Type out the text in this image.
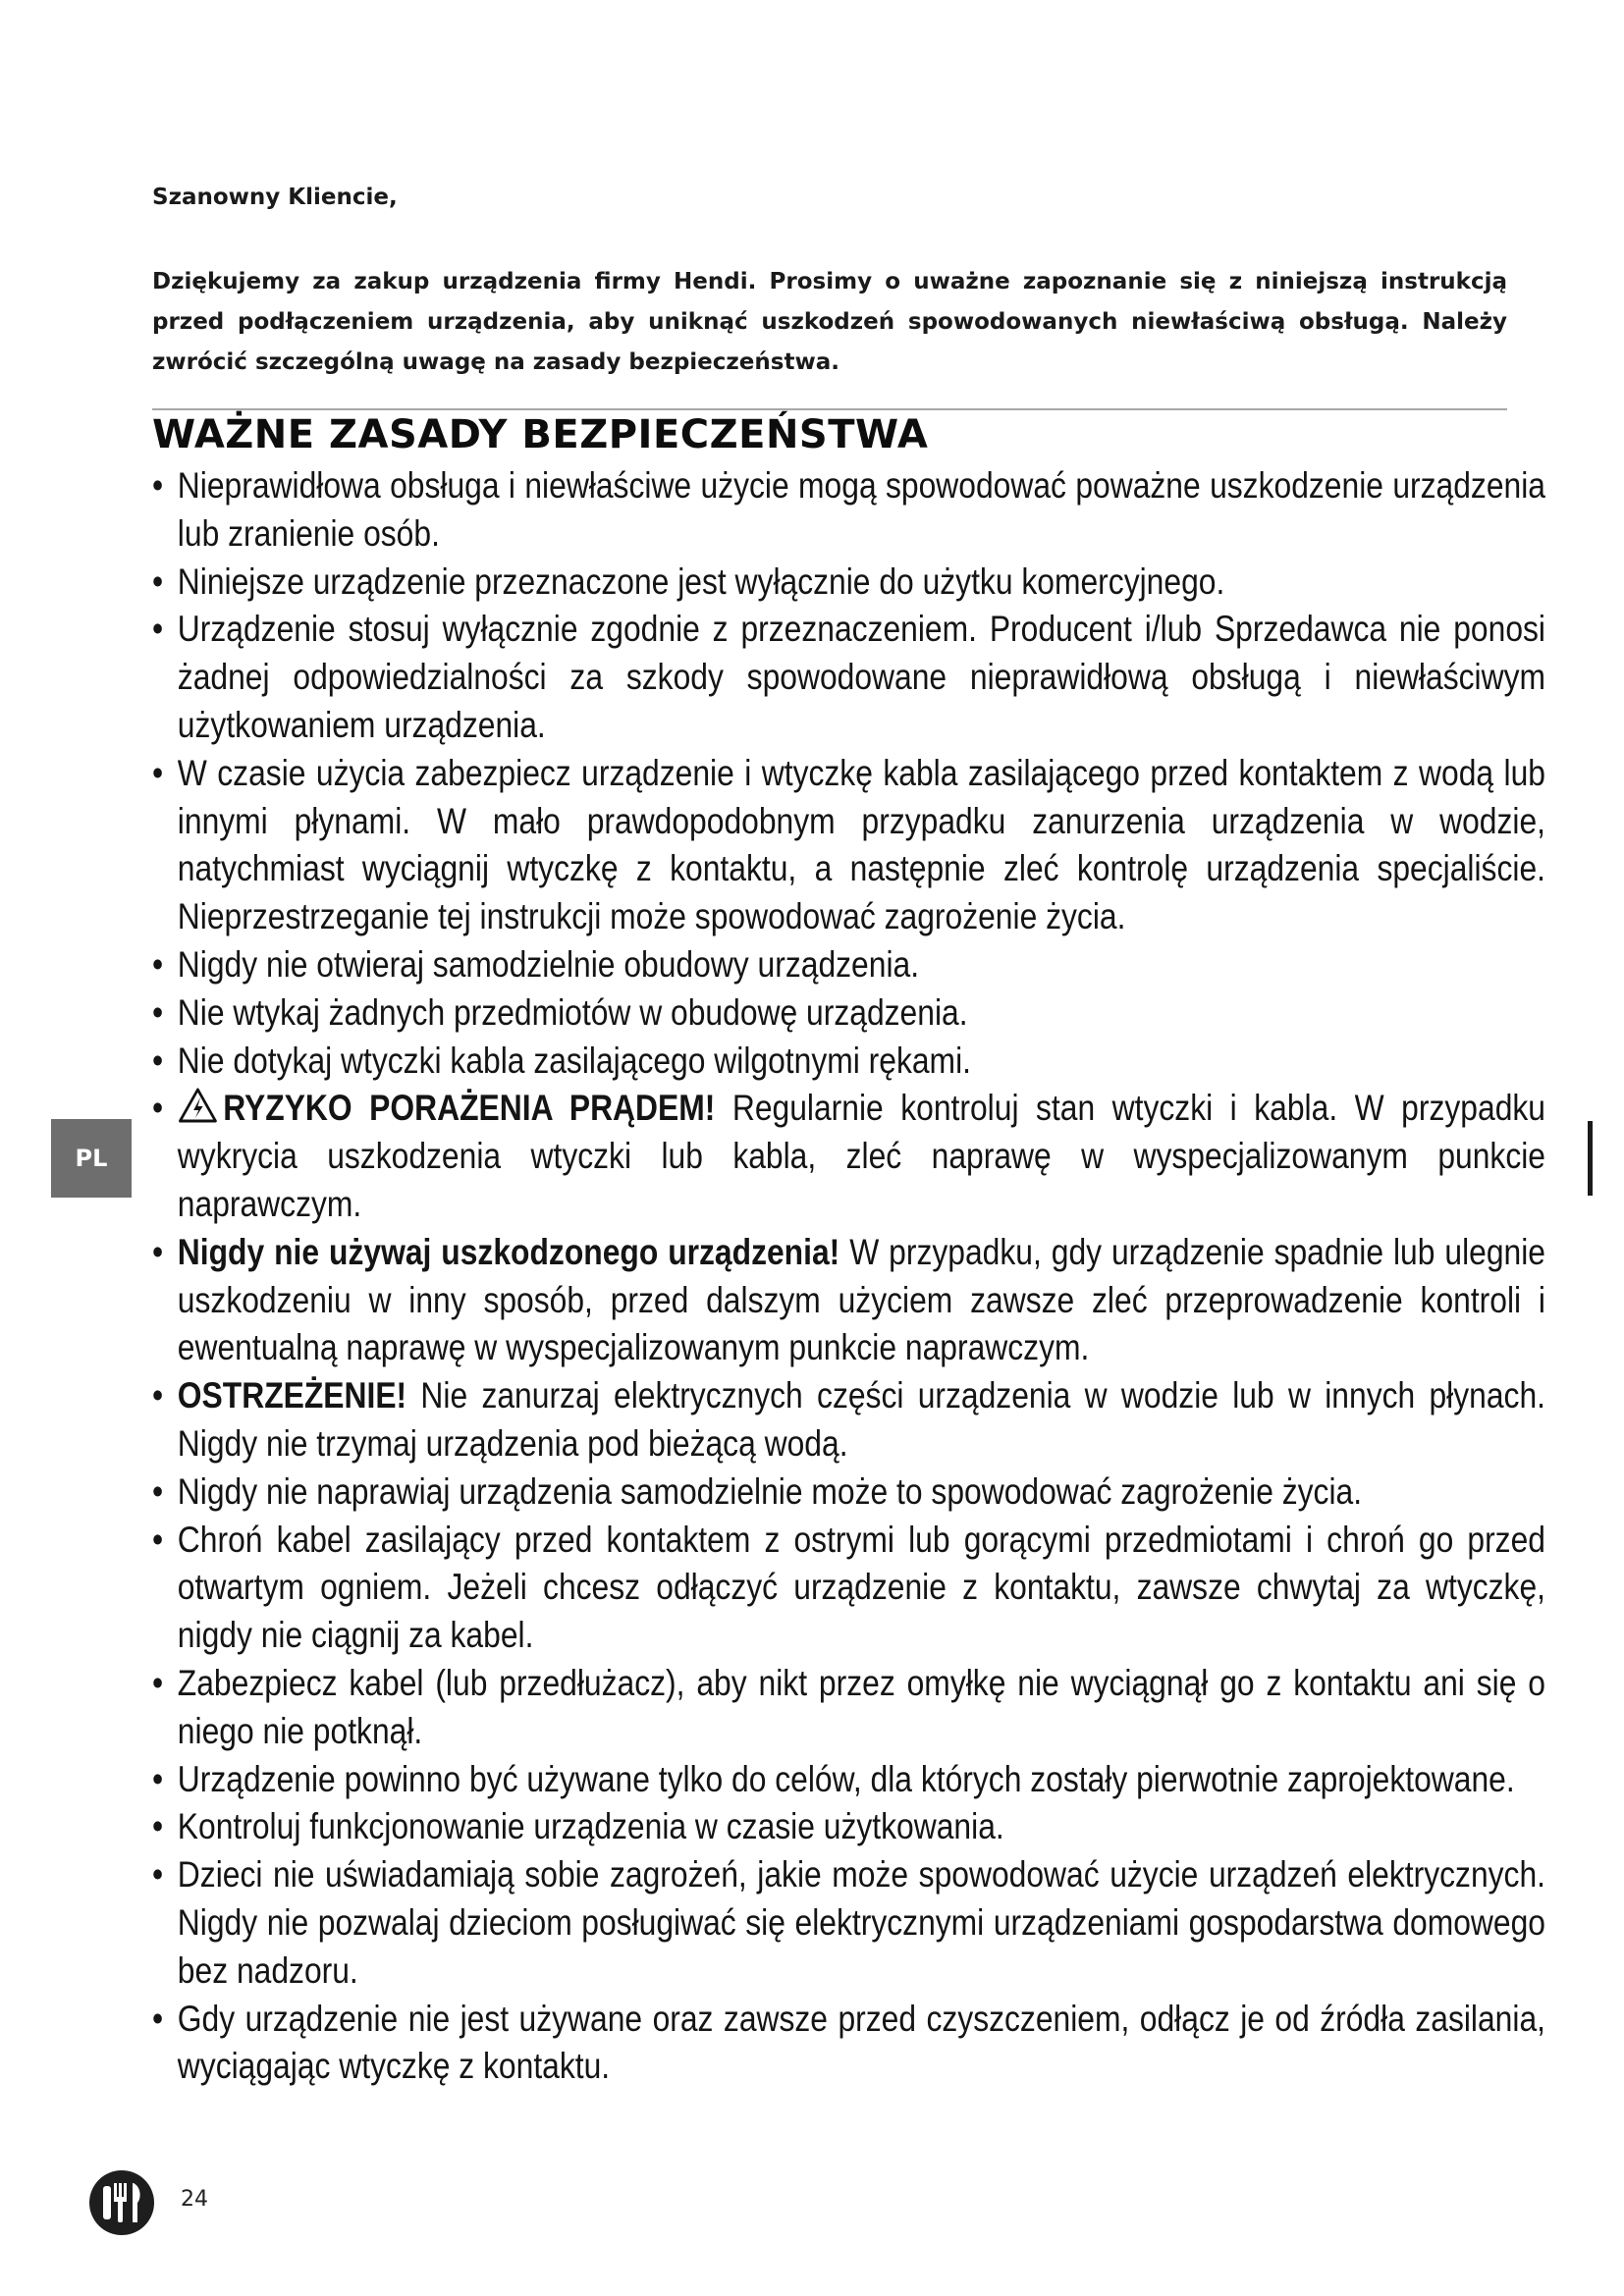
Szanowny Kliencie,

Dziękujemy za zakup urządzenia firmy Hendi. Prosimy o uważne zapoznanie się z niniejszą instrukcją przed podłączeniem urządzenia, aby uniknąć uszkodzeń spowodowanych niewłaściwą obsługą. Należy zwrócić szczególną uwagę na zasady bezpieczeństwa.

WAŻNE ZASADY BEZPIECZEŃSTWA
• Nieprawidłowa obsługa i niewłaściwe użycie mogą spowodować poważne uszkodzenie urządzenia lub zranienie osób.
• Niniejsze urządzenie przeznaczone jest wyłącznie do użytku komercyjnego.
• Urządzenie stosuj wyłącznie zgodnie z przeznaczeniem. Producent i/lub Sprzedawca nie ponosi żadnej odpowiedzialności za szkody spowodowane nieprawidłową obsługą i niewłaściwym użytkowaniem urządzenia.
• W czasie użycia zabezpiecz urządzenie i wtyczkę kabla zasilającego przed kontaktem z wodą lub innymi płynami. W mało prawdopodobnym przypadku zanurzenia urządzenia w wodzie, natychmiast wyciągnij wtyczkę z kontaktu, a następnie zleć kontrolę urządzenia specjaliście. Nieprzestrzeganie tej instrukcji może spowodować zagrożenie życia.
• Nigdy nie otwieraj samodzielnie obudowy urządzenia.
• Nie wtykaj żadnych przedmiotów w obudowę urządzenia.
• Nie dotykaj wtyczki kabla zasilającego wilgotnymi rękami.
• RYZYKO PORAŻENIA PRĄDEM! Regularnie kontroluj stan wtyczki i kabla. W przypadku wykrycia uszkodzenia wtyczki lub kabla, zleć naprawę w wyspecjalizowanym punkcie naprawczym.
• Nigdy nie używaj uszkodzonego urządzenia! W przypadku, gdy urządzenie spadnie lub ulegnie uszkodzeniu w inny sposób, przed dalszym użyciem zawsze zleć przeprowadzenie kontroli i ewentualną naprawę w wyspecjalizowanym punkcie naprawczym.
• OSTRZEŻENIE! Nie zanurzaj elektrycznych części urządzenia w wodzie lub w innych płynach. Nigdy nie trzymaj urządzenia pod bieżącą wodą.
• Nigdy nie naprawiaj urządzenia samodzielnie może to spowodować zagrożenie życia.
• Chroń kabel zasilający przed kontaktem z ostrymi lub gorącymi przedmiotami i chroń go przed otwartym ogniem. Jeżeli chcesz odłączyć urządzenie z kontaktu, zawsze chwytaj za wtyczkę, nigdy nie ciągnij za kabel.
• Zabezpiecz kabel (lub przedłużacz), aby nikt przez omyłkę nie wyciągnął go z kontaktu ani się o niego nie potknął.
• Urządzenie powinno być używane tylko do celów, dla których zostały pierwotnie zaprojektowane.
• Kontroluj funkcjonowanie urządzenia w czasie użytkowania.
• Dzieci nie uświadamiają sobie zagrożeń, jakie może spowodować użycie urządzeń elektrycznych. Nigdy nie pozwalaj dzieciom posługiwać się elektrycznymi urządzeniami gospodarstwa domowego bez nadzoru.
• Gdy urządzenie nie jest używane oraz zawsze przed czyszczeniem, odłącz je od źródła zasilania, wyciągając wtyczkę z kontaktu.
PL
24
